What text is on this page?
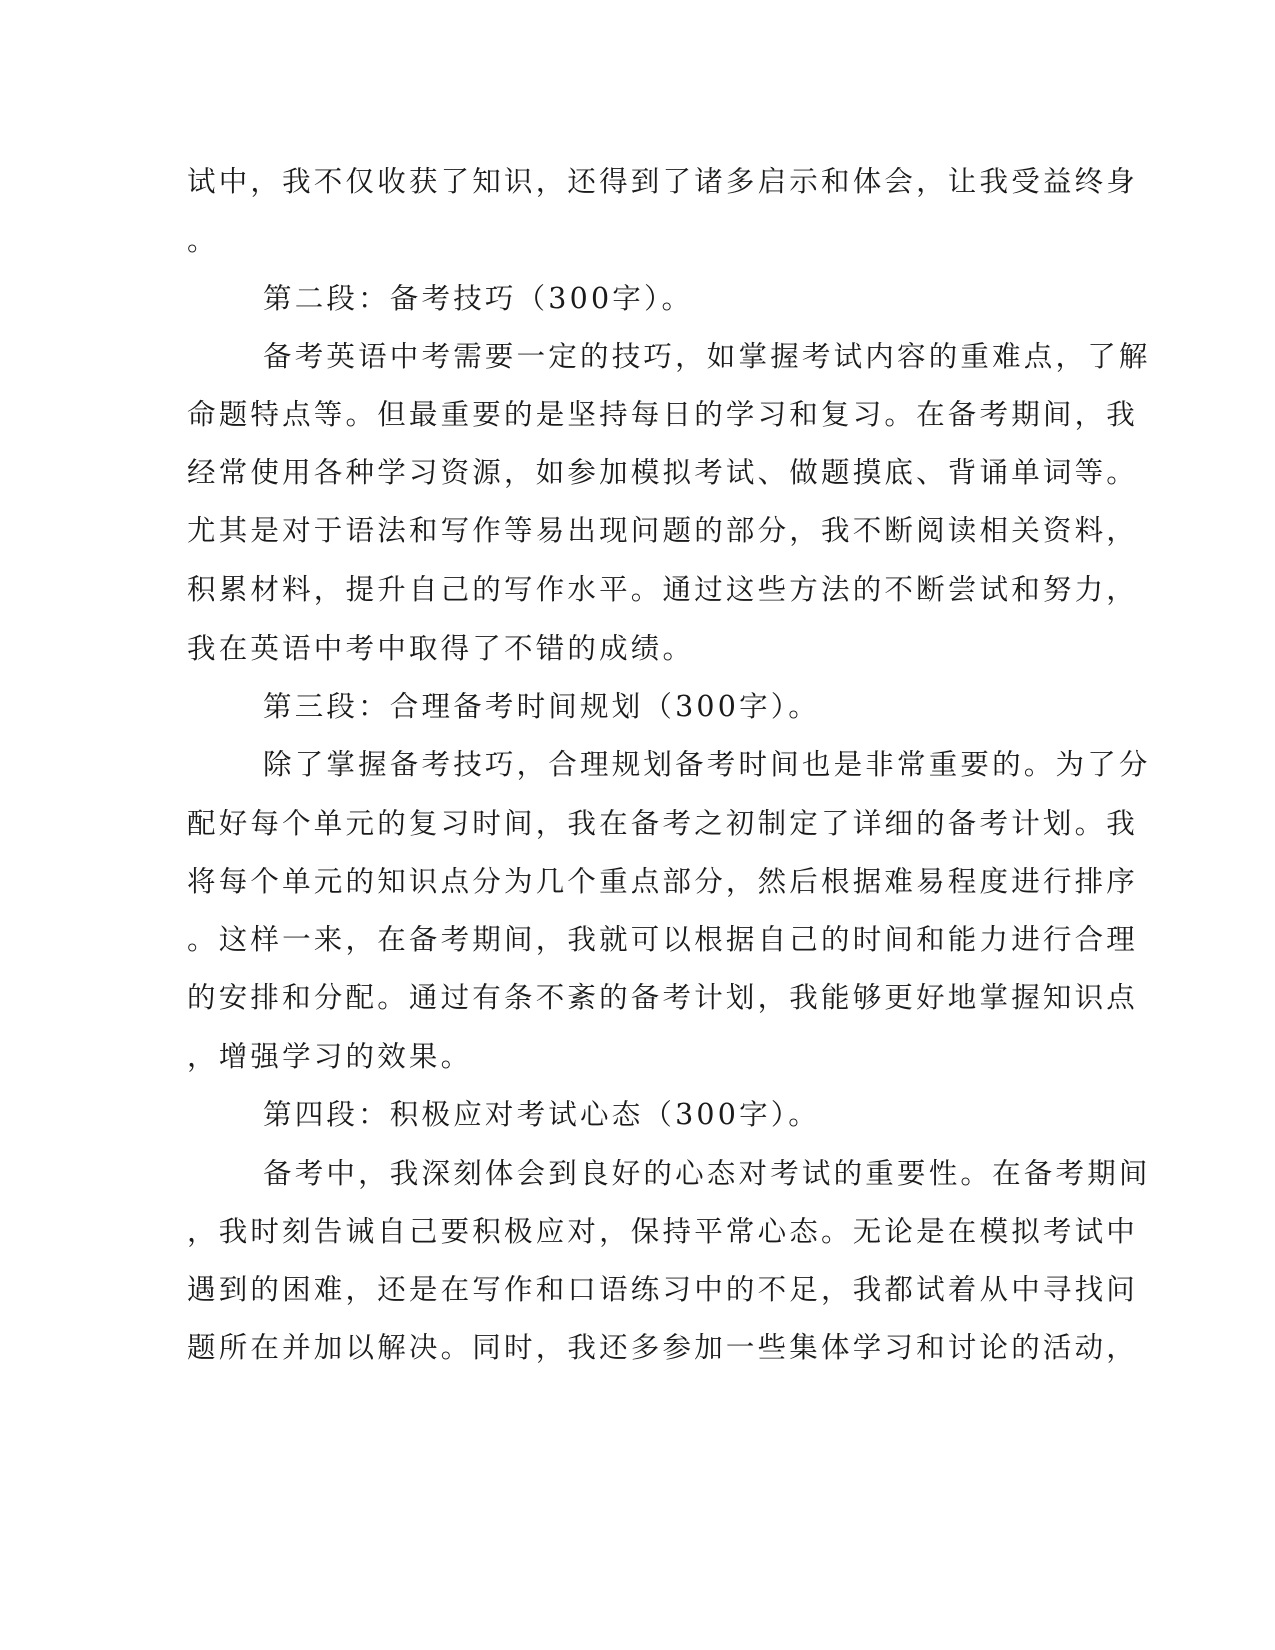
试中，我不仅收获了知识，还得到了诸多启示和体会，让我受益终身
。
第二段：备考技巧（300字）。
备考英语中考需要一定的技巧，如掌握考试内容的重难点，了解
命题特点等。但最重要的是坚持每日的学习和复习。在备考期间，我
经常使用各种学习资源，如参加模拟考试、做题摸底、背诵单词等。
尤其是对于语法和写作等易出现问题的部分，我不断阅读相关资料，
积累材料，提升自己的写作水平。通过这些方法的不断尝试和努力，
我在英语中考中取得了不错的成绩。
第三段：合理备考时间规划（300字）。
除了掌握备考技巧，合理规划备考时间也是非常重要的。为了分
配好每个单元的复习时间，我在备考之初制定了详细的备考计划。我
将每个单元的知识点分为几个重点部分，然后根据难易程度进行排序
。这样一来，在备考期间，我就可以根据自己的时间和能力进行合理
的安排和分配。通过有条不紊的备考计划，我能够更好地掌握知识点
，增强学习的效果。
第四段：积极应对考试心态（300字）。
备考中，我深刻体会到良好的心态对考试的重要性。在备考期间
，我时刻告诫自己要积极应对，保持平常心态。无论是在模拟考试中
遇到的困难，还是在写作和口语练习中的不足，我都试着从中寻找问
题所在并加以解决。同时，我还多参加一些集体学习和讨论的活动，
